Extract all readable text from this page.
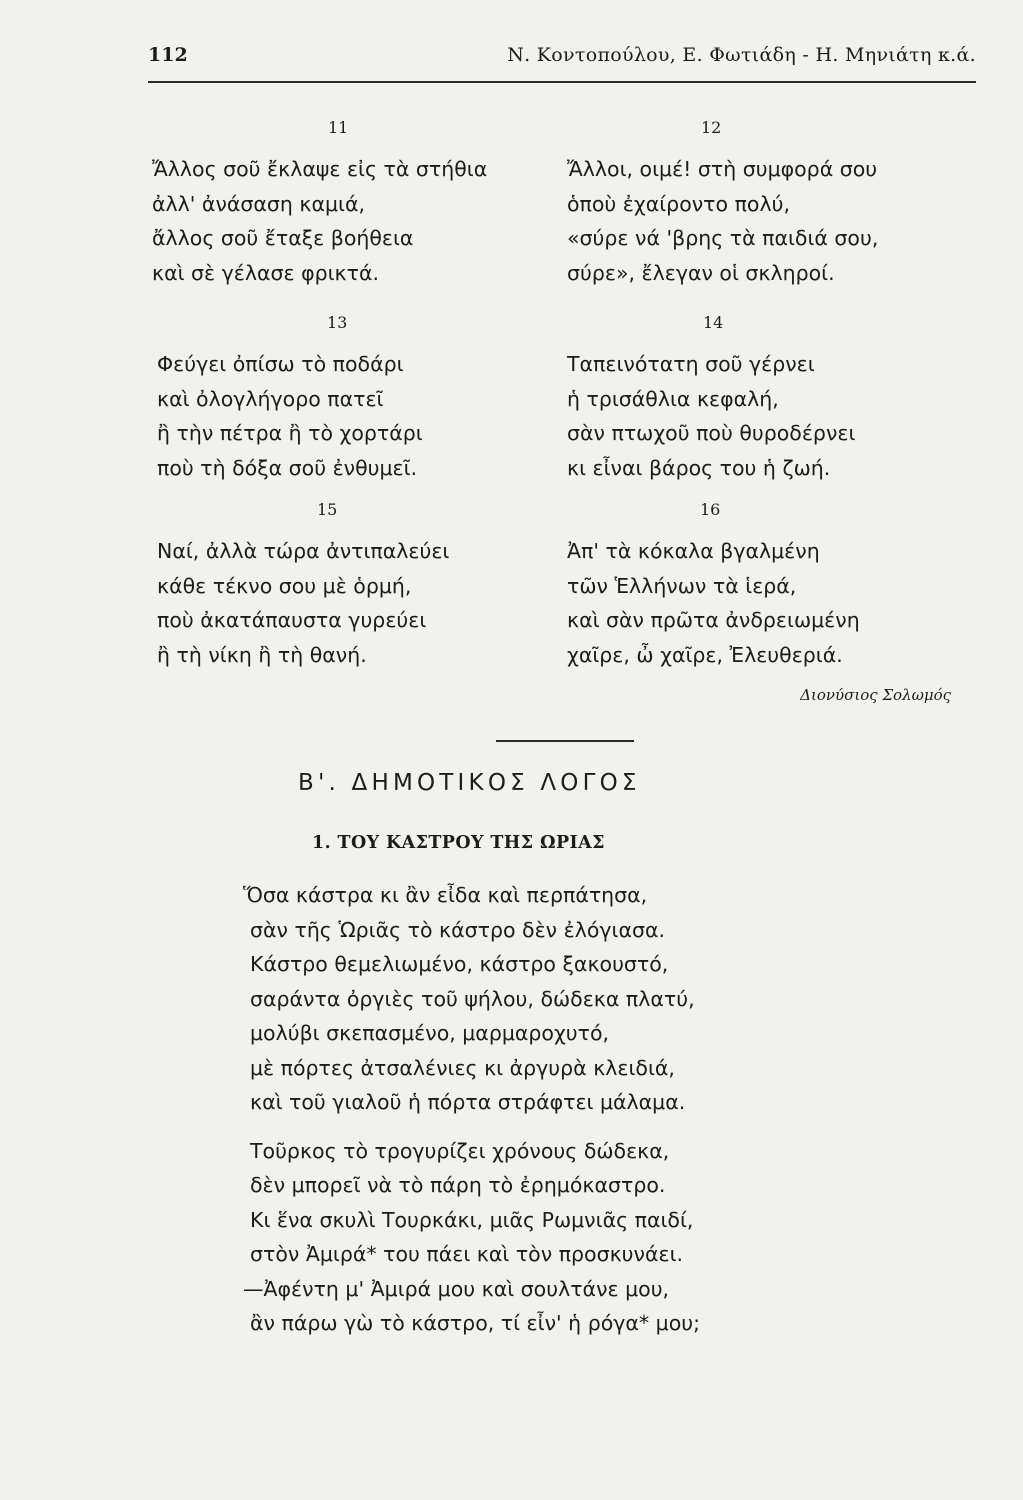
112	Ν. Κοντοπούλου, Ε. Φωτιάδη - Η. Μηνιάτη κ.ά.
11
Ἄλλος σοῦ ἔκλαψε εἰς τὰ στήθια
ἀλλ' ἀνάσαση καμιά,
ἄλλος σοῦ ἔταξε βοήθεια
καὶ σὲ γέλασε φρικτά.
12
Ἄλλοι, οιμέ! στὴ συμφορά σου
ὁποὺ ἐχαίροντο πολύ,
«σύρε νά 'βρης τὰ παιδιά σου,
σύρε», ἔλεγαν οἱ σκληροί.
13
Φεύγει ὀπίσω τὸ ποδάρι
καὶ ὀλογλήγορο πατεῖ
ἢ τὴν πέτρα ἢ τὸ χορτάρι
ποὺ τὴ δόξα σοῦ ἐνθυμεῖ.
14
Ταπεινότατη σοῦ γέρνει
ἡ τρισάθλια κεφαλή,
σὰν πτωχοῦ ποὺ θυροδέρνει
κι εἶναι βάρος του ἡ ζωή.
15
Ναί, ἀλλὰ τώρα ἀντιπαλεύει
κάθε τέκνο σου μὲ ὁρμή,
ποὺ ἀκατάπαυστα γυρεύει
ἢ τὴ νίκη ἢ τὴ θανή.
16
Ἀπ' τὰ κόκαλα βγαλμένη
τῶν Ἑλλήνων τὰ ἱερά,
καὶ σὰν πρῶτα ἀνδρειωμένη
χαῖρε, ὦ χαῖρε, Ἐλευθεριά.
Διονύσιος Σολωμός
Β'. ΔΗΜΟΤΙΚΟΣ ΛΟΓΟΣ
1. ΤΟΥ ΚΑΣΤΡΟΥ ΤΗΣ ΩΡΙΑΣ
Ὅσα κάστρα κι ἂν εἶδα καὶ περπάτησα,
σὰν τῆς Ὡριᾶς τὸ κάστρο δὲν ἐλόγιασα.
Κάστρο θεμελιωμένο, κάστρο ξακουστό,
σαράντα ὀργιὲς τοῦ ψήλου, δώδεκα πλατύ,
μολύβι σκεπασμένο, μαρμαροχυτό,
μὲ πόρτες ἀτσαλένιες κι ἀργυρὰ κλειδιά,
καὶ τοῦ γιαλοῦ ἡ πόρτα στράφτει μάλαμα.
Τοῦρκος τὸ τρογυρίζει χρόνους δώδεκα,
δὲν μπορεῖ νὰ τὸ πάρη τὸ ἐρημόκαστρο.
Κι ἕνα σκυλὶ Τουρκάκι, μιᾶς Ρωμνιᾶς παιδί,
στὸν Ἀμιρά* του πάει καὶ τὸν προσκυνάει.
—Ἀφέντη μ' Ἀμιρά μου καὶ σουλτάνε μου,
ἂν πάρω γὼ τὸ κάστρο, τί εἶν' ἡ ρόγα* μου;
